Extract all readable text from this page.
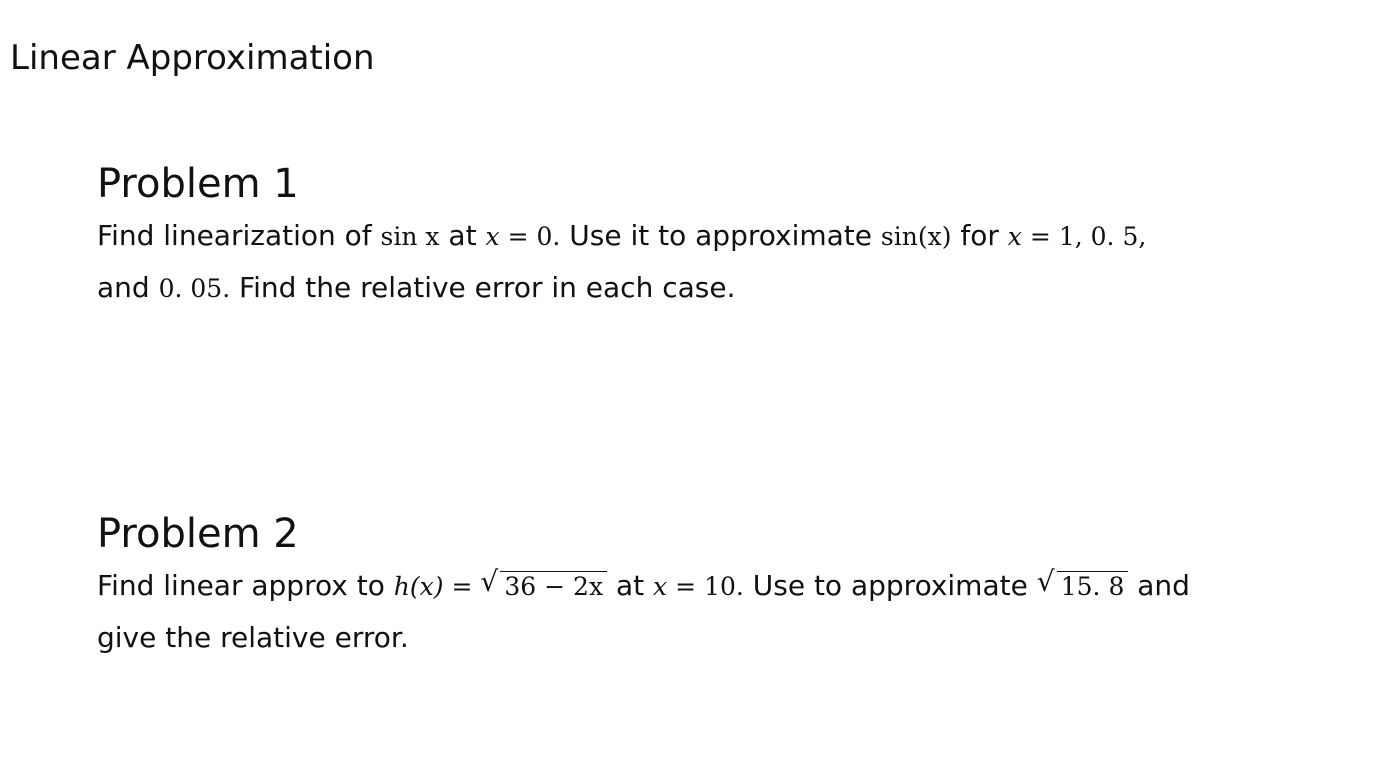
Linear Approximation
Problem 1

Find linearization of sin x at x = 0. Use it to approximate sin(x) for x = 1, 0. 5,

and 0. 05. Find the relative error in each case.

Problem 2

Find linear approx to h(x) = √ 36 − 2x at x = 10. Use to approximate √ 15. 8 and

give the relative error.
